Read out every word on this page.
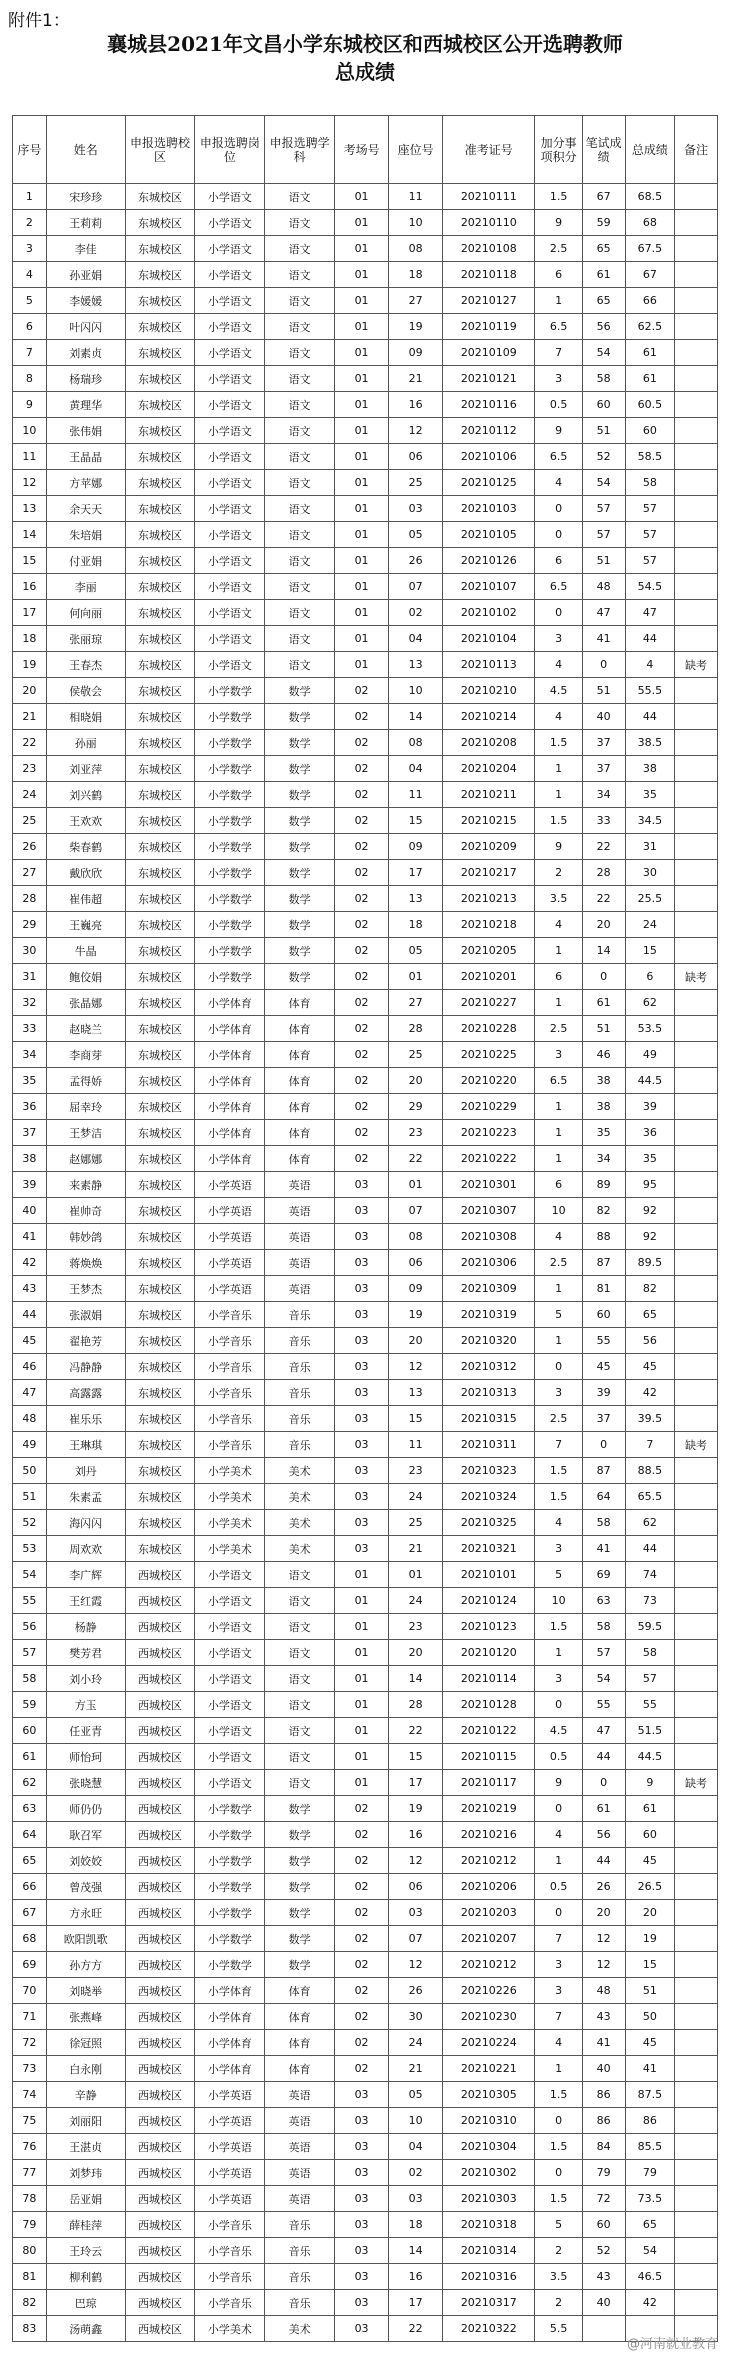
附件1：
襄城县2021年文昌小学东城校区和西城校区公开选聘教师
总成绩
序号	姓名	申报选聘校区	申报选聘岗位	申报选聘学科	考场号	座位号	准考证号	加分事项积分	笔试成绩	总成绩	备注
1	宋珍珍	东城校区	小学语文	语文	01	11	20210111	1.5	67	68.5	
2	王莉莉	东城校区	小学语文	语文	01	10	20210110	9	59	68	
3	李佳	东城校区	小学语文	语文	01	08	20210108	2.5	65	67.5	
4	孙亚娟	东城校区	小学语文	语文	01	18	20210118	6	61	67	
5	李媛媛	东城校区	小学语文	语文	01	27	20210127	1	65	66	
6	叶闪闪	东城校区	小学语文	语文	01	19	20210119	6.5	56	62.5	
7	刘素贞	东城校区	小学语文	语文	01	09	20210109	7	54	61	
8	杨瑞珍	东城校区	小学语文	语文	01	21	20210121	3	58	61	
9	黄理华	东城校区	小学语文	语文	01	16	20210116	0.5	60	60.5	
10	张伟娟	东城校区	小学语文	语文	01	12	20210112	9	51	60	
11	王晶晶	东城校区	小学语文	语文	01	06	20210106	6.5	52	58.5	
12	方苹娜	东城校区	小学语文	语文	01	25	20210125	4	54	58	
13	余天天	东城校区	小学语文	语文	01	03	20210103	0	57	57	
14	朱培娟	东城校区	小学语文	语文	01	05	20210105	0	57	57	
15	付亚娟	东城校区	小学语文	语文	01	26	20210126	6	51	57	
16	李丽	东城校区	小学语文	语文	01	07	20210107	6.5	48	54.5	
17	何向丽	东城校区	小学语文	语文	01	02	20210102	0	47	47	
18	张丽琼	东城校区	小学语文	语文	01	04	20210104	3	41	44	
19	王春杰	东城校区	小学语文	语文	01	13	20210113	4	0	4	缺考
20	侯敬会	东城校区	小学数学	数学	02	10	20210210	4.5	51	55.5	
21	相晓娟	东城校区	小学数学	数学	02	14	20210214	4	40	44	
22	孙丽	东城校区	小学数学	数学	02	08	20210208	1.5	37	38.5	
23	刘亚萍	东城校区	小学数学	数学	02	04	20210204	1	37	38	
24	刘兴鹤	东城校区	小学数学	数学	02	11	20210211	1	34	35	
25	王欢欢	东城校区	小学数学	数学	02	15	20210215	1.5	33	34.5	
26	柴春鹤	东城校区	小学数学	数学	02	09	20210209	9	22	31	
27	戴欣欣	东城校区	小学数学	数学	02	17	20210217	2	28	30	
28	崔伟超	东城校区	小学数学	数学	02	13	20210213	3.5	22	25.5	
29	王巍亮	东城校区	小学数学	数学	02	18	20210218	4	20	24	
30	牛晶	东城校区	小学数学	数学	02	05	20210205	1	14	15	
31	鲍佼娟	东城校区	小学数学	数学	02	01	20210201	6	0	6	缺考
32	张晶娜	东城校区	小学体育	体育	02	27	20210227	1	61	62	
33	赵晓兰	东城校区	小学体育	体育	02	28	20210228	2.5	51	53.5	
34	李商芽	东城校区	小学体育	体育	02	25	20210225	3	46	49	
35	孟得娇	东城校区	小学体育	体育	02	20	20210220	6.5	38	44.5	
36	屈幸玲	东城校区	小学体育	体育	02	29	20210229	1	38	39	
37	王梦洁	东城校区	小学体育	体育	02	23	20210223	1	35	36	
38	赵娜娜	东城校区	小学体育	体育	02	22	20210222	1	34	35	
39	来素静	东城校区	小学英语	英语	03	01	20210301	6	89	95	
40	崔帅奇	东城校区	小学英语	英语	03	07	20210307	10	82	92	
41	韩妙鸽	东城校区	小学英语	英语	03	08	20210308	4	88	92	
42	蒋焕焕	东城校区	小学英语	英语	03	06	20210306	2.5	87	89.5	
43	王梦杰	东城校区	小学英语	英语	03	09	20210309	1	81	82	
44	张淑娟	东城校区	小学音乐	音乐	03	19	20210319	5	60	65	
45	翟艳芳	东城校区	小学音乐	音乐	03	20	20210320	1	55	56	
46	冯静静	东城校区	小学音乐	音乐	03	12	20210312	0	45	45	
47	高露露	东城校区	小学音乐	音乐	03	13	20210313	3	39	42	
48	崔乐乐	东城校区	小学音乐	音乐	03	15	20210315	2.5	37	39.5	
49	王琳琪	东城校区	小学音乐	音乐	03	11	20210311	7	0	7	缺考
50	刘丹	东城校区	小学美术	美术	03	23	20210323	1.5	87	88.5	
51	朱素孟	东城校区	小学美术	美术	03	24	20210324	1.5	64	65.5	
52	海闪闪	东城校区	小学美术	美术	03	25	20210325	4	58	62	
53	周欢欢	东城校区	小学美术	美术	03	21	20210321	3	41	44	
54	李广辉	西城校区	小学语文	语文	01	01	20210101	5	69	74	
55	王红霞	西城校区	小学语文	语文	01	24	20210124	10	63	73	
56	杨静	西城校区	小学语文	语文	01	23	20210123	1.5	58	59.5	
57	樊芳君	西城校区	小学语文	语文	01	20	20210120	1	57	58	
58	刘小玲	西城校区	小学语文	语文	01	14	20210114	3	54	57	
59	方玉	西城校区	小学语文	语文	01	28	20210128	0	55	55	
60	任亚青	西城校区	小学语文	语文	01	22	20210122	4.5	47	51.5	
61	师怡珂	西城校区	小学语文	语文	01	15	20210115	0.5	44	44.5	
62	张晓慧	西城校区	小学语文	语文	01	17	20210117	9	0	9	缺考
63	师仍仍	西城校区	小学数学	数学	02	19	20210219	0	61	61	
64	耿召军	西城校区	小学数学	数学	02	16	20210216	4	56	60	
65	刘姣姣	西城校区	小学数学	数学	02	12	20210212	1	44	45	
66	曾茂强	西城校区	小学数学	数学	02	06	20210206	0.5	26	26.5	
67	方永旺	西城校区	小学数学	数学	02	03	20210203	0	20	20	
68	欧阳凯歌	西城校区	小学数学	数学	02	07	20210207	7	12	19	
69	孙方方	西城校区	小学数学	数学	02	12	20210212	3	12	15	
70	刘晓举	西城校区	小学体育	体育	02	26	20210226	3	48	51	
71	张燕峰	西城校区	小学体育	体育	02	30	20210230	7	43	50	
72	徐冠照	西城校区	小学体育	体育	02	24	20210224	4	41	45	
73	白永刚	西城校区	小学体育	体育	02	21	20210221	1	40	41	
74	辛静	西城校区	小学英语	英语	03	05	20210305	1.5	86	87.5	
75	刘丽阳	西城校区	小学英语	英语	03	10	20210310	0	86	86	
76	王湛贞	西城校区	小学英语	英语	03	04	20210304	1.5	84	85.5	
77	刘梦玮	西城校区	小学英语	英语	03	02	20210302	0	79	79	
78	岳亚娟	西城校区	小学英语	英语	03	03	20210303	1.5	72	73.5	
79	薛桂萍	西城校区	小学音乐	音乐	03	18	20210318	5	60	65	
80	王玲云	西城校区	小学音乐	音乐	03	14	20210314	2	52	54	
81	柳利鹤	西城校区	小学音乐	音乐	03	16	20210316	3.5	43	46.5	
82	巴琼	西城校区	小学音乐	音乐	03	17	20210317	2	40	42	
83	汤萌鑫	西城校区	小学美术	美术	03	22	20210322	5.5			
@河南就业教育
